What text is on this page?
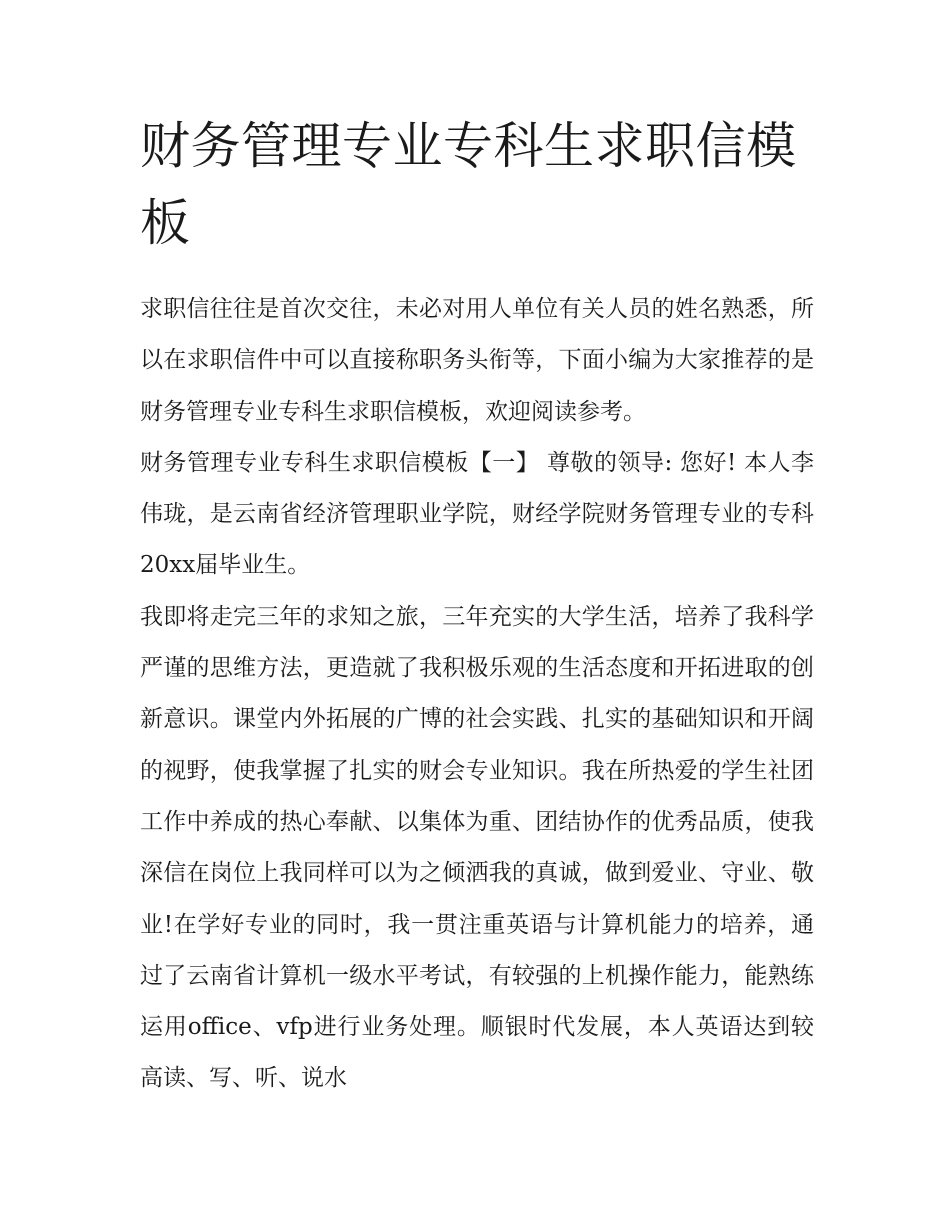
财务管理专业专科生求职信模板

求职信往往是首次交往，未必对用人单位有关人员的姓名熟悉，所以在求职信件中可以直接称职务头衔等，下面小编为大家推荐的是财务管理专业专科生求职信模板，欢迎阅读参考。

财务管理专业专科生求职信模板【一】 尊敬的领导: 您好! 本人李伟珑，是云南省经济管理职业学院，财经学院财务管理专业的专科20xx届毕业生。

我即将走完三年的求知之旅，三年充实的大学生活，培养了我科学严谨的思维方法，更造就了我积极乐观的生活态度和开拓进取的创新意识。课堂内外拓展的广博的社会实践、扎实的基础知识和开阔的视野，使我掌握了扎实的财会专业知识。我在所热爱的学生社团工作中养成的热心奉献、以集体为重、团结协作的优秀品质，使我深信在岗位上我同样可以为之倾洒我的真诚，做到爱业、守业、敬业!在学好专业的同时，我一贯注重英语与计算机能力的培养，通过了云南省计算机一级水平考试，有较强的上机操作能力，能熟练运用office、vfp进行业务处理。顺银时代发展，本人英语达到较高读、写、听、说水
